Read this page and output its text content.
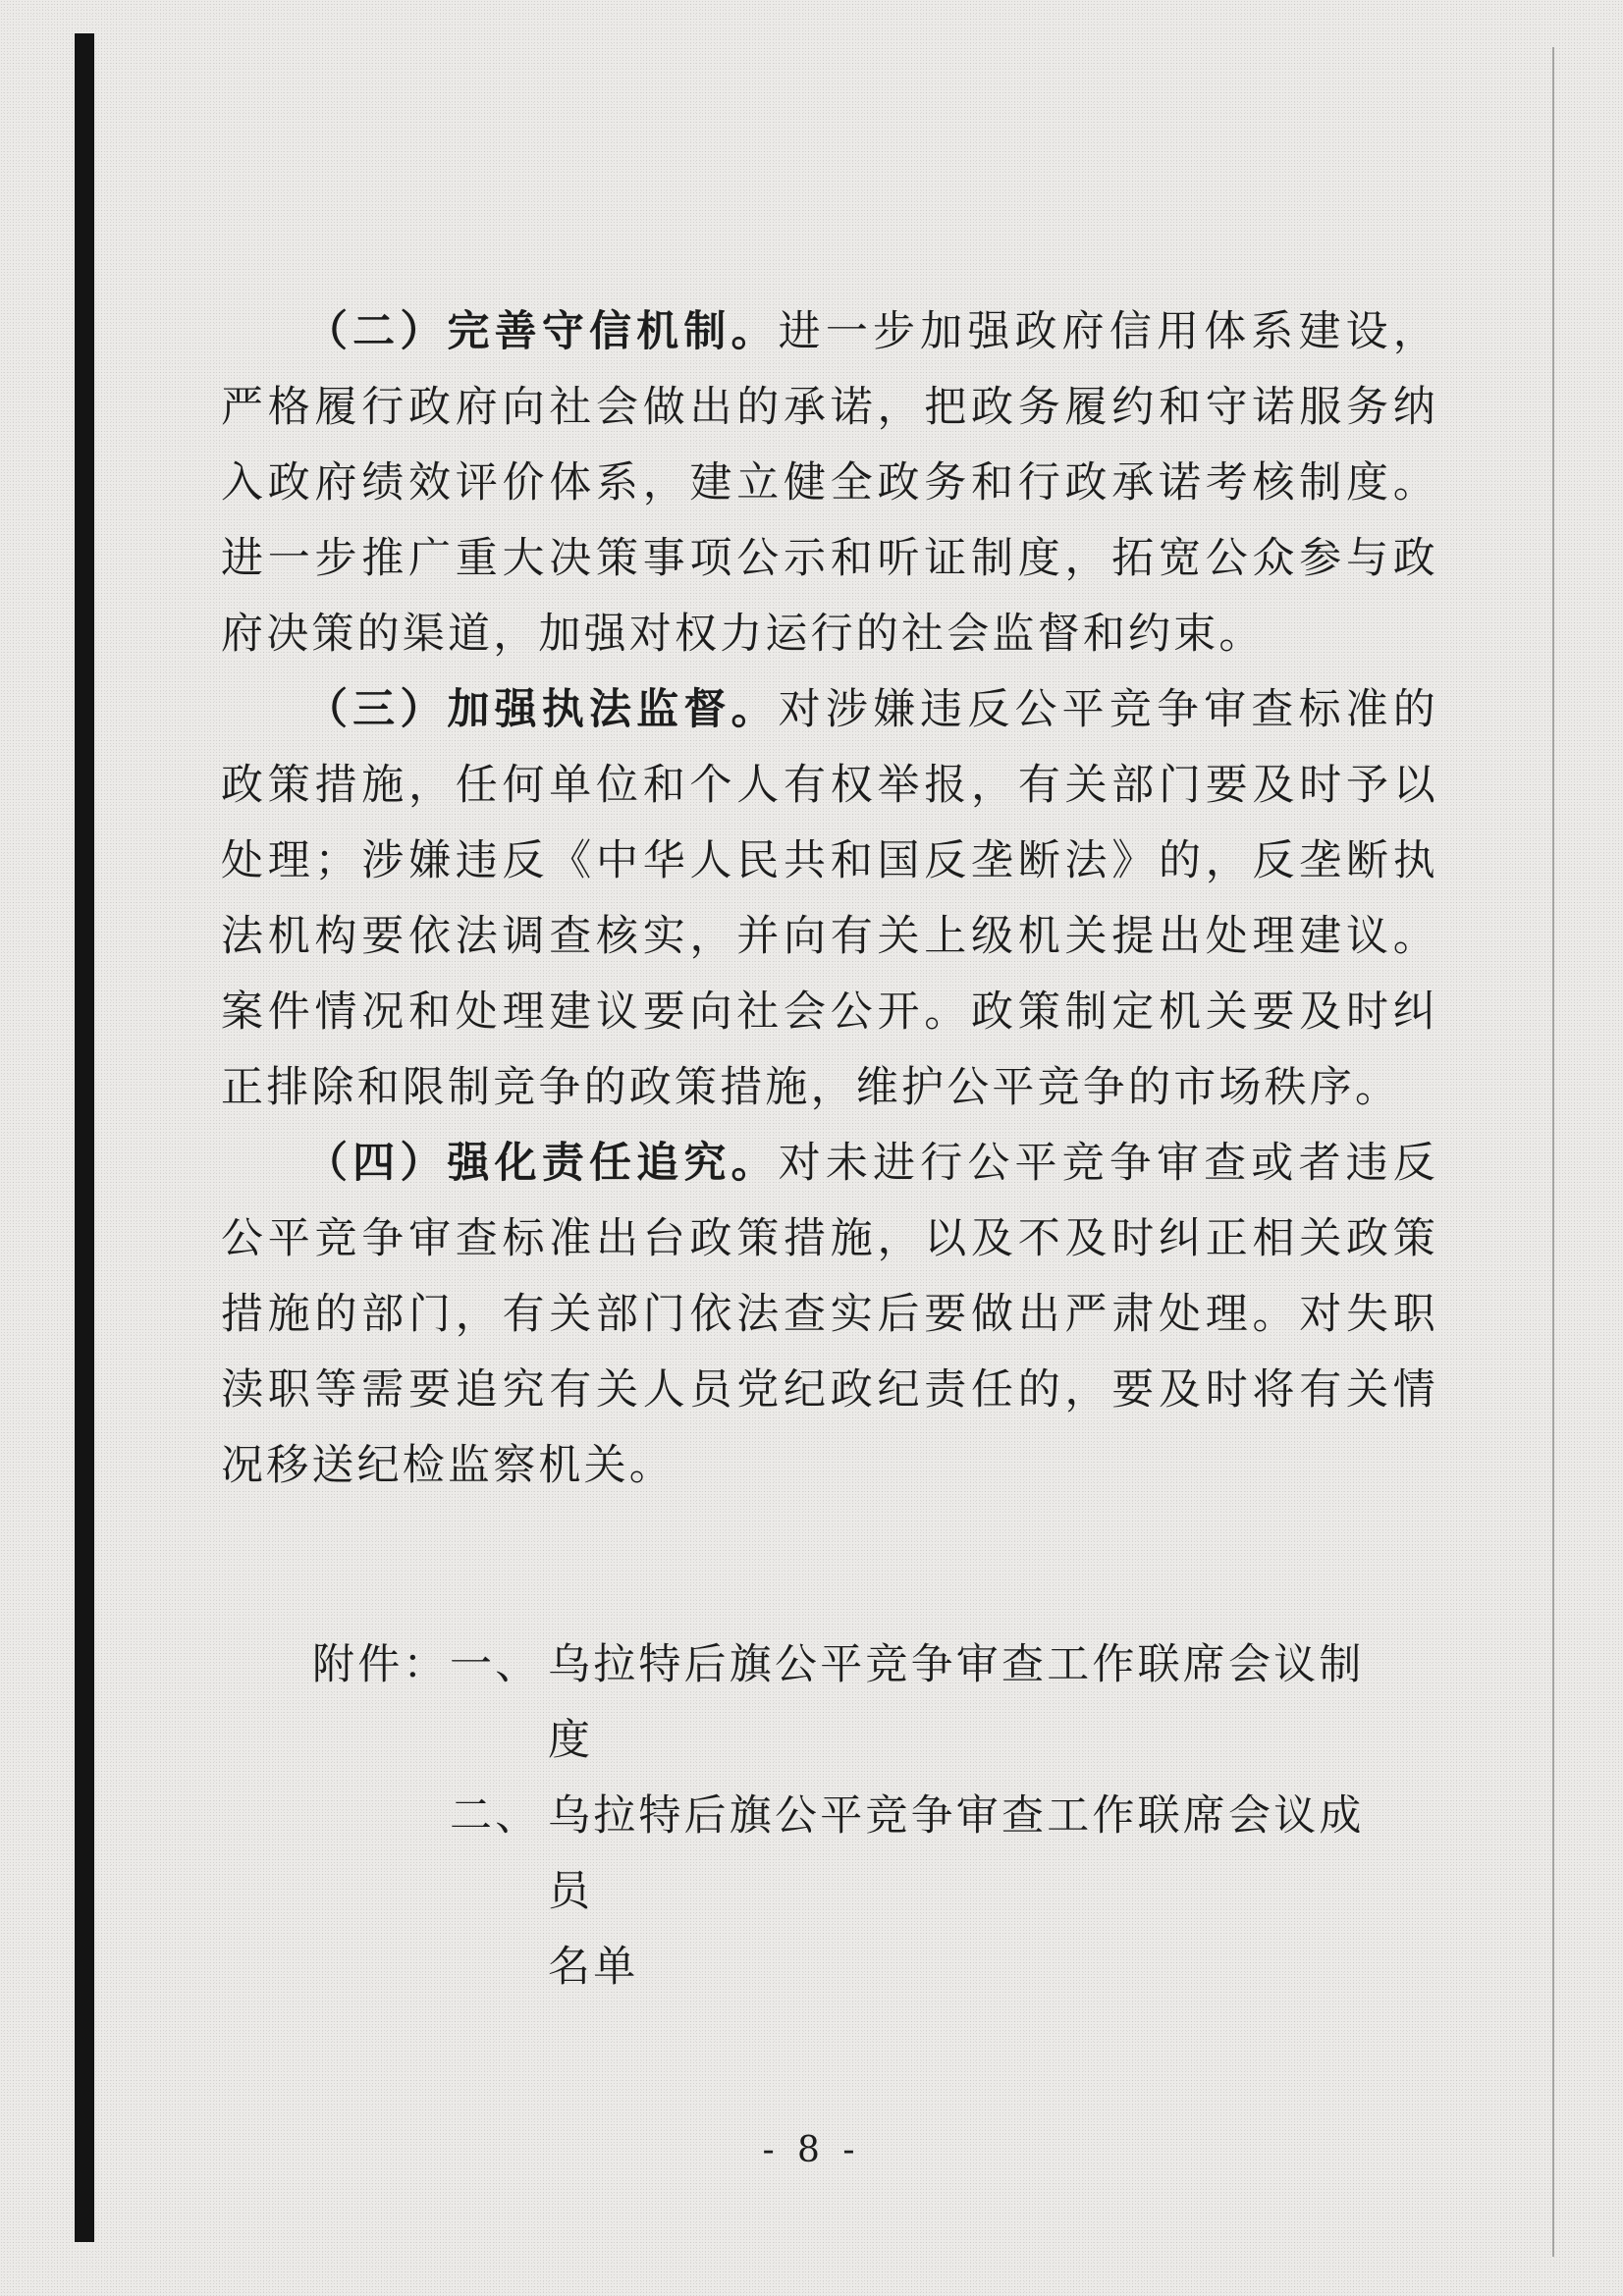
（二）完善守信机制。进一步加强政府信用体系建设，严格履行政府向社会做出的承诺，把政务履约和守诺服务纳入政府绩效评价体系，建立健全政务和行政承诺考核制度。进一步推广重大决策事项公示和听证制度，拓宽公众参与政府决策的渠道，加强对权力运行的社会监督和约束。

（三）加强执法监督。对涉嫌违反公平竞争审查标准的政策措施，任何单位和个人有权举报，有关部门要及时予以处理；涉嫌违反《中华人民共和国反垄断法》的，反垄断执法机构要依法调查核实，并向有关上级机关提出处理建议。案件情况和处理建议要向社会公开。政策制定机关要及时纠正排除和限制竞争的政策措施，维护公平竞争的市场秩序。

（四）强化责任追究。对未进行公平竞争审查或者违反公平竞争审查标准出台政策措施，以及不及时纠正相关政策措施的部门，有关部门依法查实后要做出严肃处理。对失职渎职等需要追究有关人员党纪政纪责任的，要及时将有关情况移送纪检监察机关。

附件： 一、 乌拉特后旗公平竞争审查工作联席会议制度
二、 乌拉特后旗公平竞争审查工作联席会议成员
名单
- 8 -
